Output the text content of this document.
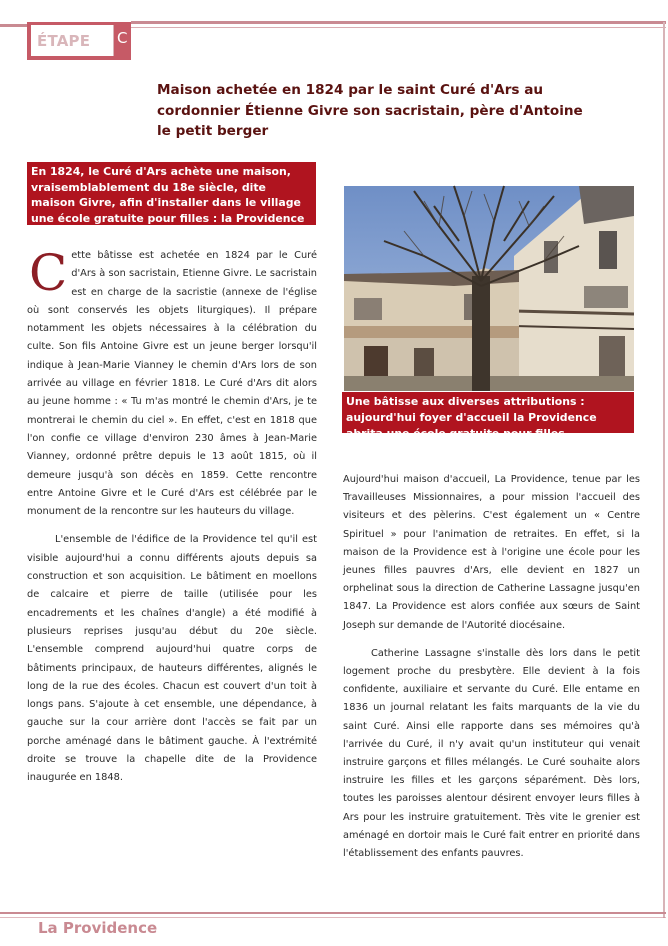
ÉTAPE C
Maison achetée en 1824 par le saint Curé d'Ars au cordonnier Étienne Givre son sacristain, père d'Antoine le petit berger
En 1824, le Curé d'Ars achète une maison, vraisemblablement du 18e siècle, dite maison Givre, afin d'installer dans le village une école gratuite pour filles : la Providence

Cette bâtisse est achetée en 1824 par le Curé d'Ars à son sacristain, Etienne Givre. Le sacristain est en charge de la sacristie (annexe de l'église où sont conservés les objets liturgiques). Il prépare notamment les objets nécessaires à la célébration du culte. Son fils Antoine Givre est un jeune berger lorsqu'il indique à Jean-Marie Vianney le chemin d'Ars lors de son arrivée au village en février 1818. Le Curé d'Ars dit alors au jeune homme : « Tu m'as montré le chemin d'Ars, je te montrerai le chemin du ciel ». En effet, c'est en 1818 que l'on confie ce village d'environ 230 âmes à Jean-Marie Vianney, ordonné prêtre depuis le 13 août 1815, où il demeure jusqu'à son décès en 1859. Cette rencontre entre Antoine Givre et le Curé d'Ars est célébrée par le monument de la rencontre sur les hauteurs du village.

L'ensemble de l'édifice de la Providence tel qu'il est visible aujourd'hui a connu différents ajouts depuis sa construction et son acquisition. Le bâtiment en moellons de calcaire et pierre de taille (utilisée pour les encadrements et les chaînes d'angle) a été modifié à plusieurs reprises jusqu'au début du 20e siècle. L'ensemble comprend aujourd'hui quatre corps de bâtiments principaux, de hauteurs différentes, alignés le long de la rue des écoles. Chacun est couvert d'un toit à longs pans. S'ajoute à cet ensemble, une dépendance, à gauche sur la cour arrière dont l'accès se fait par un porche aménagé dans le bâtiment gauche. À l'extrémité droite se trouve la chapelle dite de la Providence inaugurée en 1848.

Une bâtisse aux diverses attributions : aujourd'hui foyer d'accueil la Providence abrita une école gratuite pour filles

Aujourd'hui maison d'accueil, La Providence, tenue par les Travailleuses Missionnaires, a pour mission l'accueil des visiteurs et des pèlerins. C'est également un « Centre Spirituel » pour l'animation de retraites. En effet, si la maison de la Providence est à l'origine une école pour les jeunes filles pauvres d'Ars, elle devient en 1827 un orphelinat sous la direction de Catherine Lassagne jusqu'en 1847. La Providence est alors confiée aux sœurs de Saint Joseph sur demande de l'Autorité diocésaine.

Catherine Lassagne s'installe dès lors dans le petit logement proche du presbytère. Elle devient à la fois confidente, auxiliaire et servante du Curé. Elle entame en 1836 un journal relatant les faits marquants de la vie du saint Curé. Ainsi elle rapporte dans ses mémoires qu'à l'arrivée du Curé, il n'y avait qu'un instituteur qui venait instruire garçons et filles mélangés. Le Curé souhaite alors instruire les filles et les garçons séparément. Dès lors, toutes les paroisses alentour désirent envoyer leurs filles à Ars pour les instruire gratuitement. Très vite le grenier est aménagé en dortoir mais le Curé fait entrer en priorité dans l'établissement des enfants pauvres.

La Providence
